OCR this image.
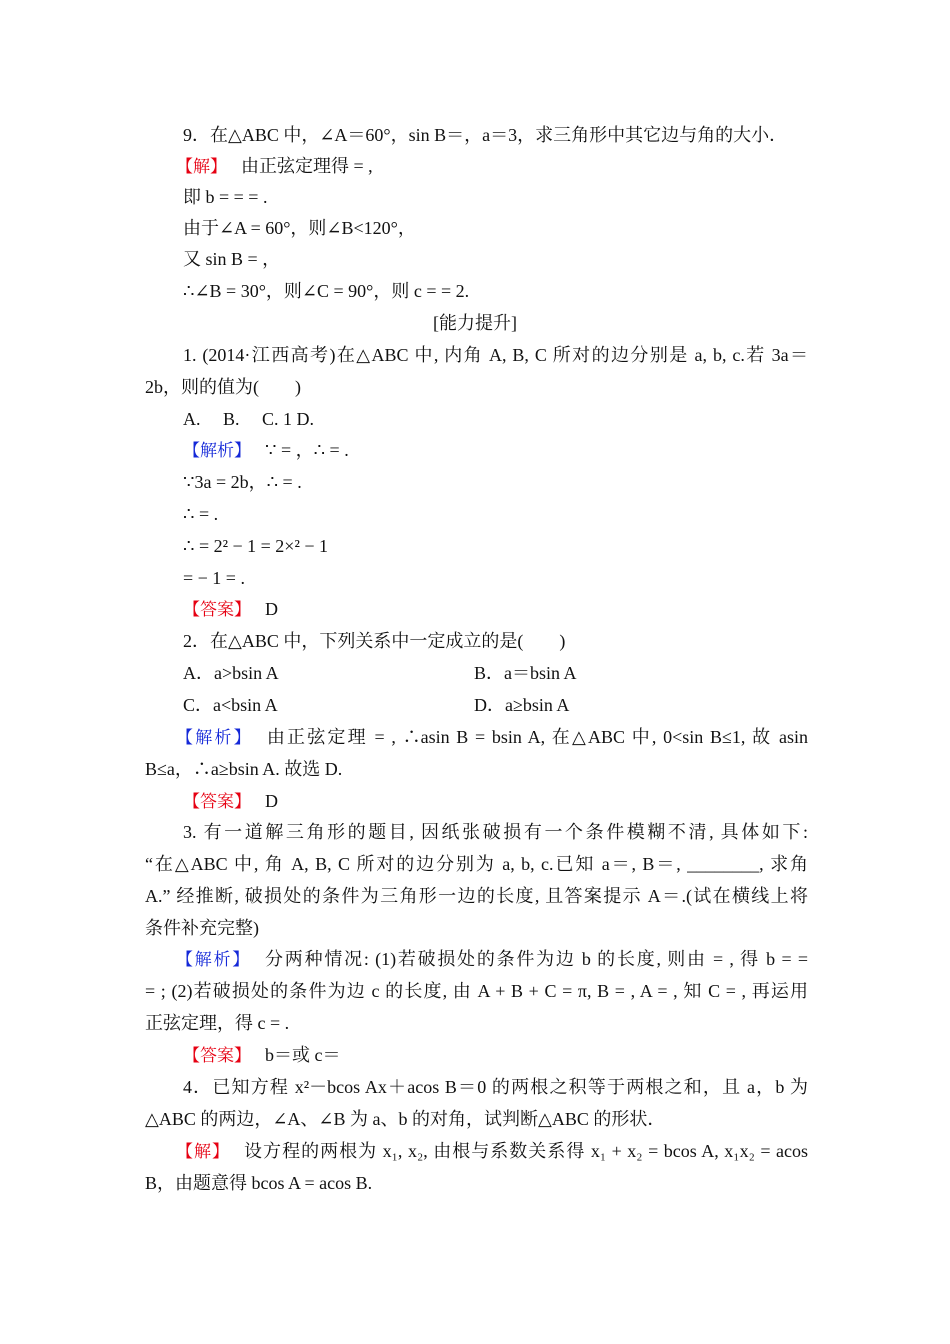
9．在△ABC 中，∠A＝60°，sin B＝，a＝3，求三角形中其它边与角的大小．
【解】 由正弦定理得 = ,
即 b = = = .
由于∠A = 60°，则∠B<120°，
又 sin B = ，
∴∠B = 30°，则∠C = 90°，则 c = = 2.
[能力提升]
1. (2014·江西高考)在△ABC 中, 内角 A, B, C 所对的边分别是 a, b, c.若 3a＝
2b，则的值为(　　)
A.　 B.　 C. 1 D.
【解析】 ∵ = ，∴ = .
∵3a = 2b，∴ = .
∴ = .
∴ = 2² − 1 = 2×² − 1
= − 1 = .
【答案】 D
2．在△ABC 中，下列关系中一定成立的是(　　)
A．a>bsin A	B．a＝bsin A
C．a<bsin A	D．a≥bsin A
【解析】 由正弦定理 = , ∴asin B = bsin A, 在△ABC 中, 0<sin B≤1, 故 asin
B≤a，∴a≥bsin A. 故选 D.
【答案】 D
3. 有一道解三角形的题目, 因纸张破损有一个条件模糊不清, 具体如下:
“在△ABC 中, 角 A, B, C 所对的边分别为 a, b, c.已知 a＝, B＝, ________, 求角
A.” 经推断, 破损处的条件为三角形一边的长度, 且答案提示 A＝.(试在横线上将
条件补充完整)
【解析】 分两种情况: (1)若破损处的条件为边 b 的长度, 则由 = , 得 b = =
= ; (2)若破损处的条件为边 c 的长度, 由 A + B + C = π, B = , A = , 知 C = , 再运用
正弦定理，得 c = .
【答案】 b＝或 c＝
4．已知方程 x²－bcos Ax＋acos B＝0 的两根之积等于两根之和，且 a，b 为
△ABC 的两边，∠A、∠B 为 a、b 的对角，试判断△ABC 的形状．
【解】 设方程的两根为 x₁, x₂, 由根与系数关系得 x₁ + x₂ = bcos A, x₁x₂ = acos
B，由题意得 bcos A = acos B.
